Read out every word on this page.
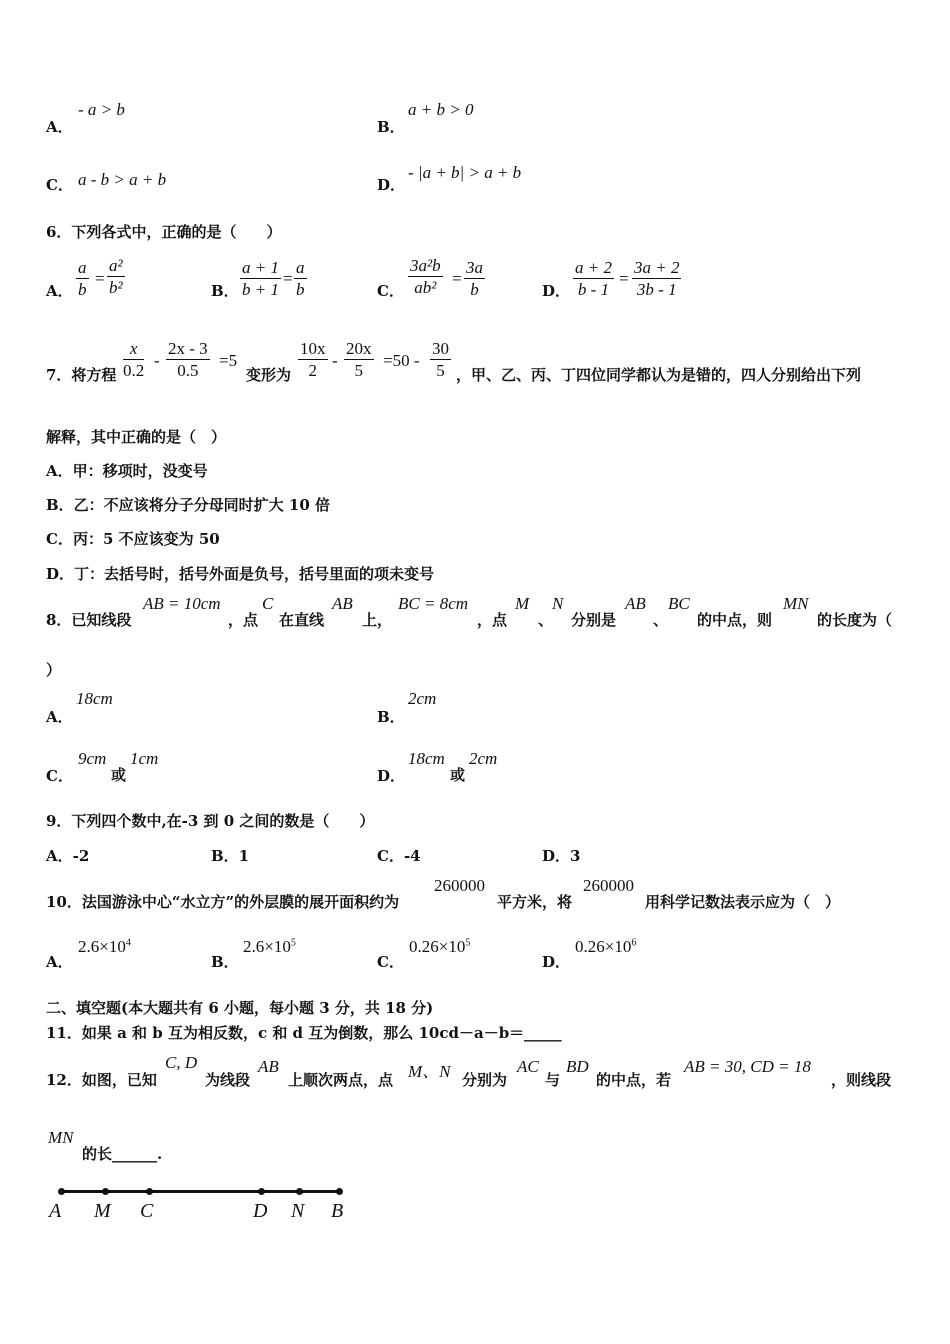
A．
- a > b
B．
a + b > 0
C． a - b > a + b	D．
- |a + b| > a + b
6．下列各式中，正确的是（　　）
A． $\frac{a}{b} = \frac{\text{a²}}{\text{b²}}$	B． $\frac{a + 1}{b + 1} = \frac{a}{b}$	C． $\frac{\text{3a²b}}{\text{ab²}} = \frac{3a}{b}$	D． $\frac{a + 2}{b - 1} = \frac{3a + 2}{3b - 1}$
7．将方程 $\frac{x}{0.2} - \frac{2x - 3}{0.5} =5$
变形为 $\frac{10x}{2} - \frac{20x}{5} =50 - \frac{30}{5}$ ，甲、乙、丙、丁四位同学都认为是错的，四人分别给出下列
解释，其中正确的是（　）
A．甲：移项时，没变号
B．乙：不应该将分子分母同时扩大 10 倍
C．丙：5 不应该变为 50
D．丁：去括号时，括号外面是负号，括号里面的项未变号
8．已知线段
AB = 10cm
，点
C
在直线
AB
上，
BC = 8cm
，点
M
、
N
分别是
AB
、
BC
的中点，则
MN
的长度为（
）
A．
18cm
B．
2cm
C．
9cm
或
1cm
D．
18cm
或
2cm
9．下列四个数中,在-3 到 0 之间的数是（　　）
A．-2	B．1	C．-4	D．3
10．法国游泳中心“水立方”的外层膜的展开面积约为
260000
平方米，将
260000
用科学记数法表示应为（　）
A．
$2.6\times 10^4$
B．
$2.6\times 10^5$
C．
$0.26\times 10^5$
D．
$0.26\times 10^6$
二、填空题(本大题共有 6 小题，每小题 3 分，共 18 分)
11．如果 a 和 b 互为相反数，c 和 d 互为倒数，那么 10cd－a－b＝_____
12．如图，已知
C, D
为线段
AB
上顺次两点，点 M、N 分别为
AC
与
BD
的中点，若
AB = 30, CD = 18
，则线段
MN
的长______.
A M C	D N B
